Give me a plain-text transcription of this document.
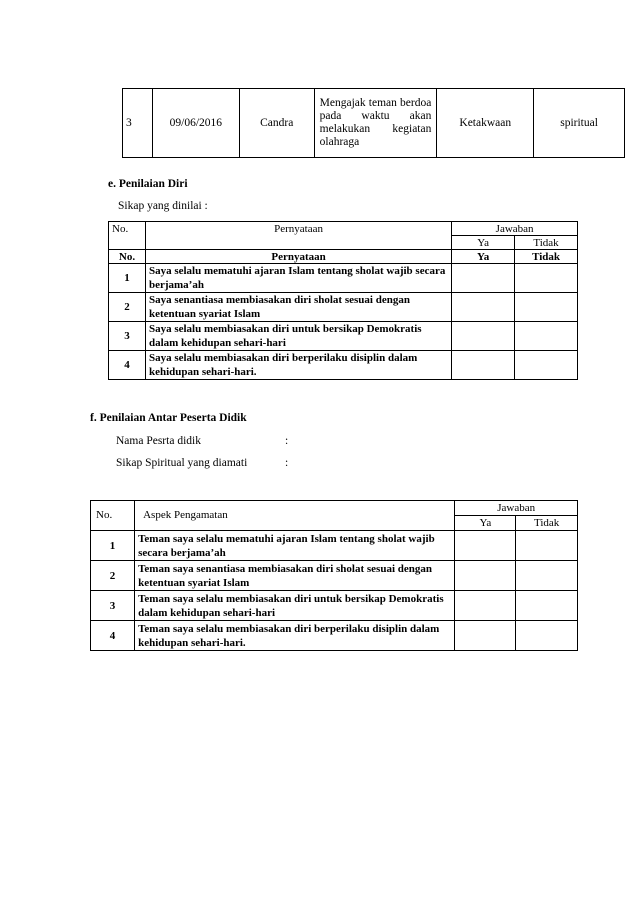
3	09/06/2016	Candra	Mengajak teman berdoa pada waktu akan melakukan kegiatan olahraga	Ketakwaan	spiritual
e. Penilaian Diri
Sikap yang dinilai :
No.	Pernyataan	Jawaban	
		Ya	Tidak
No.	Pernyataan	Ya	Tidak
1	Saya selalu mematuhi ajaran Islam tentang sholat wajib secara berjama’ah		
2	Saya senantiasa membiasakan diri sholat sesuai dengan ketentuan syariat Islam		
3	Saya selalu membiasakan diri untuk bersikap Demokratis dalam kehidupan sehari-hari		
4	Saya selalu membiasakan diri berperilaku disiplin dalam kehidupan sehari-hari.		
f. Penilaian Antar Peserta Didik
Nama Pesrta didik	:
Sikap Spiritual yang diamati	:
No.	Aspek Pengamatan	Jawaban	
		Ya	Tidak
1	Teman saya selalu mematuhi ajaran Islam tentang sholat wajib secara berjama’ah		
2	Teman saya senantiasa membiasakan diri sholat sesuai dengan ketentuan syariat Islam		
3	Teman saya selalu membiasakan diri untuk bersikap Demokratis dalam kehidupan sehari-hari		
4	Teman saya selalu membiasakan diri berperilaku disiplin dalam kehidupan sehari-hari.		
